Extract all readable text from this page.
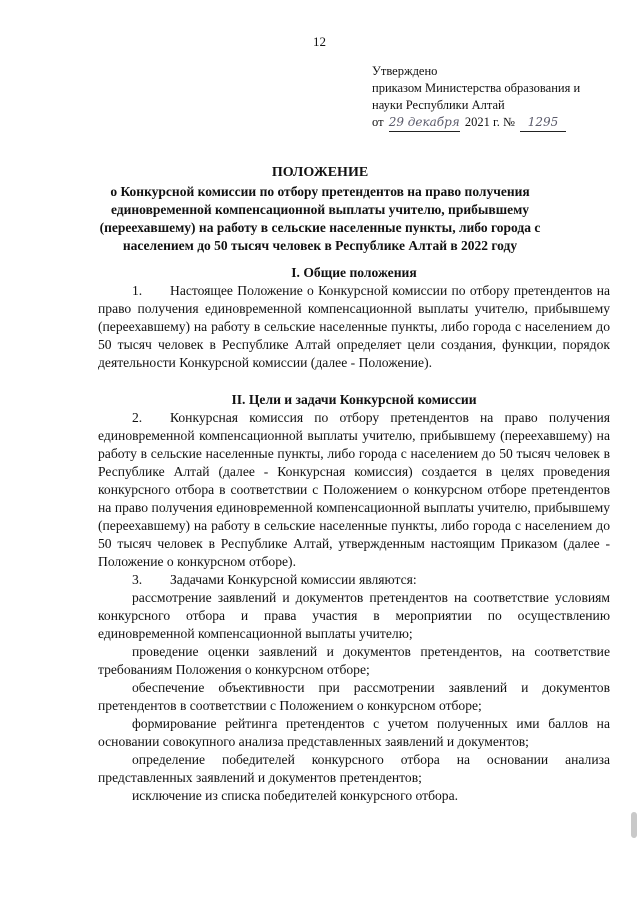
12
Утверждено
приказом Министерства образования и
науки Республики Алтай
от 29 декабря 2021 г. № 1295
ПОЛОЖЕНИЕ
о Конкурсной комиссии по отбору претендентов на право получения единовременной компенсационной выплаты учителю, прибывшему (переехавшему) на работу в сельские населенные пункты, либо города с населением до 50 тысяч человек в Республике Алтай в 2022 году

I. Общие положения

1. Настоящее Положение о Конкурсной комиссии по отбору претендентов на право получения единовременной компенсационной выплаты учителю, прибывшему (переехавшему) на работу в сельские населенные пункты, либо города с населением до 50 тысяч человек в Республике Алтай определяет цели создания, функции, порядок деятельности Конкурсной комиссии (далее - Положение).

II. Цели и задачи Конкурсной комиссии

2. Конкурсная комиссия по отбору претендентов на право получения единовременной компенсационной выплаты учителю, прибывшему (переехавшему) на работу в сельские населенные пункты, либо города с населением до 50 тысяч человек в Республике Алтай (далее - Конкурсная комиссия) создается в целях проведения конкурсного отбора в соответствии с Положением о конкурсном отборе претендентов на право получения единовременной компенсационной выплаты учителю, прибывшему (переехавшему) на работу в сельские населенные пункты, либо города с населением до 50 тысяч человек в Республике Алтай, утвержденным настоящим Приказом (далее - Положение о конкурсном отборе).

3. Задачами Конкурсной комиссии являются:

рассмотрение заявлений и документов претендентов на соответствие условиям конкурсного отбора и права участия в мероприятии по осуществлению единовременной компенсационной выплаты учителю;

проведение оценки заявлений и документов претендентов, на соответствие требованиям Положения о конкурсном отборе;

обеспечение объективности при рассмотрении заявлений и документов претендентов в соответствии с Положением о конкурсном отборе;

формирование рейтинга претендентов с учетом полученных ими баллов на основании совокупного анализа представленных заявлений и документов;

определение победителей конкурсного отбора на основании анализа представленных заявлений и документов претендентов;

исключение из списка победителей конкурсного отбора.
